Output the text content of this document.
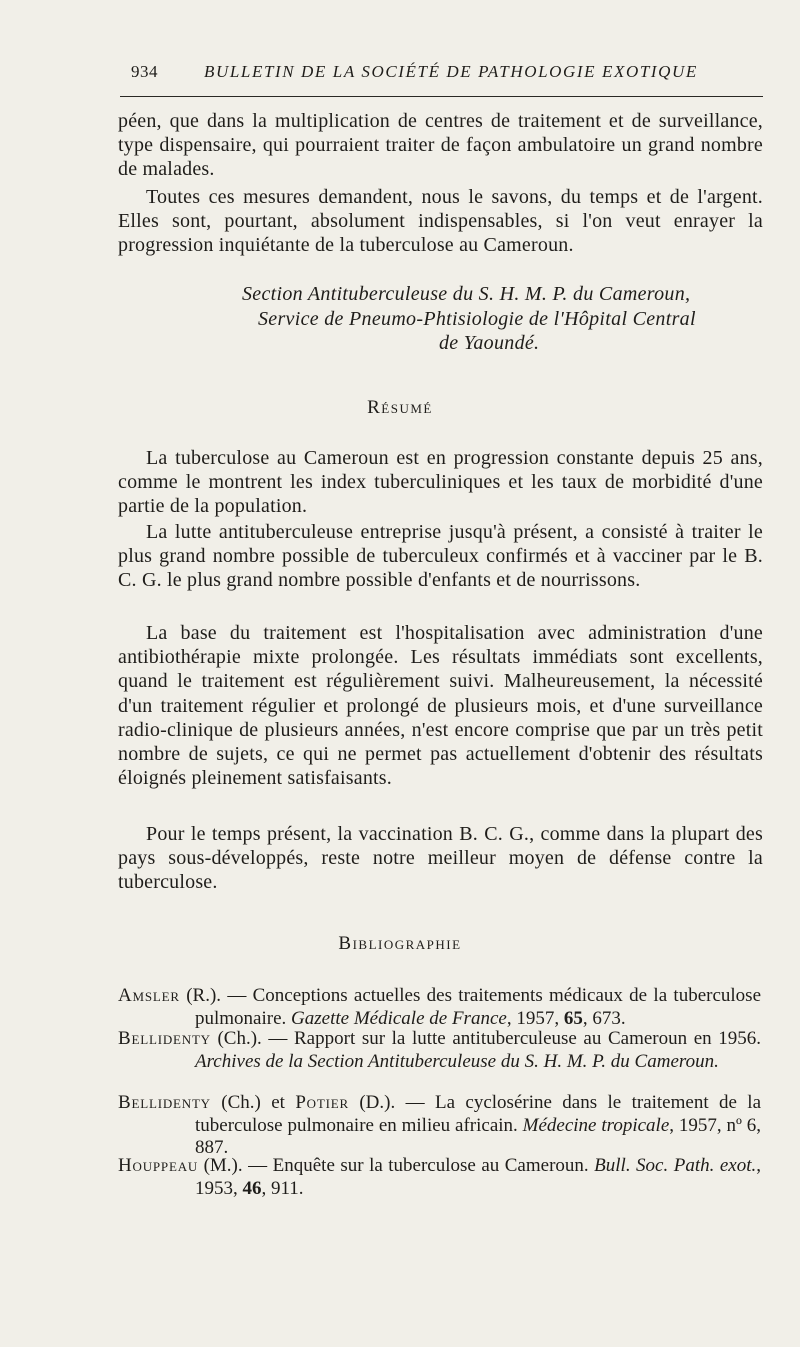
934	BULLETIN DE LA SOCIÉTÉ DE PATHOLOGIE EXOTIQUE

péen, que dans la multiplication de centres de traitement et de surveillance, type dispensaire, qui pourraient traiter de façon ambulatoire un grand nombre de malades.

Toutes ces mesures demandent, nous le savons, du temps et de l'argent. Elles sont, pourtant, absolument indispensables, si l'on veut enrayer la progression inquiétante de la tuberculose au Cameroun.

Section Antituberculeuse du S. H. M. P. du Cameroun,
Service de Pneumo-Phtisiologie de l'Hôpital Central
de Yaoundé.
Résumé

La tuberculose au Cameroun est en progression constante depuis 25 ans, comme le montrent les index tuberculiniques et les taux de morbidité d'une partie de la population.

La lutte antituberculeuse entreprise jusqu'à présent, a consisté à traiter le plus grand nombre possible de tuberculeux confirmés et à vacciner par le B. C. G. le plus grand nombre possible d'enfants et de nourrissons.

La base du traitement est l'hospitalisation avec administration d'une antibiothérapie mixte prolongée. Les résultats immédiats sont excellents, quand le traitement est régulièrement suivi. Malheureusement, la nécessité d'un traitement régulier et prolongé de plusieurs mois, et d'une surveillance radio-clinique de plusieurs années, n'est encore comprise que par un très petit nombre de sujets, ce qui ne permet pas actuellement d'obtenir des résultats éloignés pleinement satisfaisants.

Pour le temps présent, la vaccination B. C. G., comme dans la plupart des pays sous-développés, reste notre meilleur moyen de défense contre la tuberculose.

Bibliographie

Amsler (R.). — Conceptions actuelles des traitements médicaux de la tuberculose pulmonaire. Gazette Médicale de France, 1957, 65, 673.

Bellidenty (Ch.). — Rapport sur la lutte antituberculeuse au Cameroun en 1956. Archives de la Section Antituberculeuse du S. H. M. P. du Cameroun.

Bellidenty (Ch.) et Potier (D.). — La cyclosérine dans le traitement de la tuberculose pulmonaire en milieu africain. Médecine tropicale, 1957, nº 6, 887.

Houppeau (M.). — Enquête sur la tuberculose au Cameroun. Bull. Soc. Path. exot., 1953, 46, 911.
